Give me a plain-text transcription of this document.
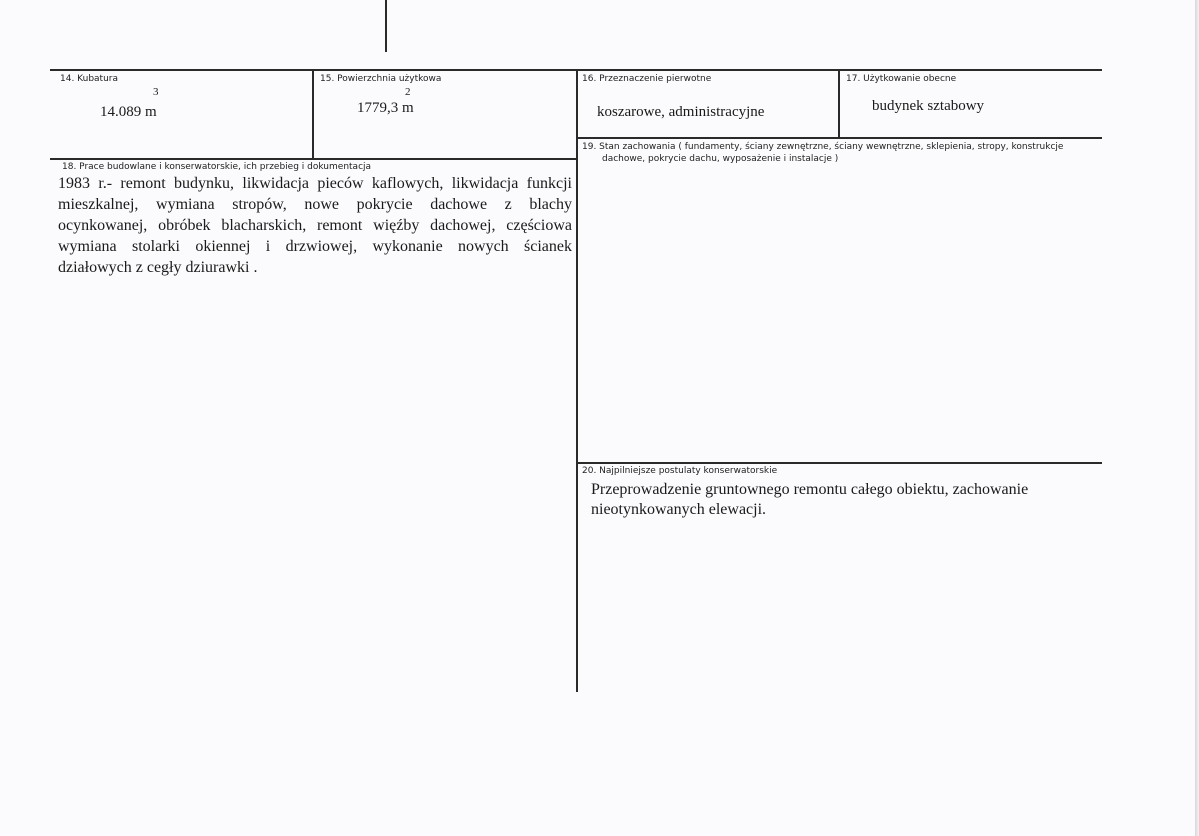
14. Kubatura
3
14.089 m
15. Powierzchnia użytkowa
2
1779,3 m
16. Przeznaczenie pierwotne
koszarowe, administracyjne
17. Użytkowanie obecne
budynek sztabowy
18. Prace budowlane i konserwatorskie, ich przebieg i dokumentacja
1983 r.- remont budynku, likwidacja pieców kaflowych, likwidacja funkcji
mieszkalnej, wymiana stropów, nowe pokrycie dachowe z blachy
ocynkowanej, obróbek blacharskich, remont więźby dachowej, częściowa
wymiana stolarki okiennej i drzwiowej, wykonanie nowych ścianek
działowych z cegły dziurawki .
19. Stan zachowania ( fundamenty, ściany zewnętrzne, ściany wewnętrzne, sklepienia, stropy, konstrukcje
dachowe, pokrycie dachu, wyposażenie i instalacje )
20. Najpilniejsze postulaty konserwatorskie
Przeprowadzenie gruntownego remontu całego obiektu, zachowanie
nieotynkowanych elewacji.
